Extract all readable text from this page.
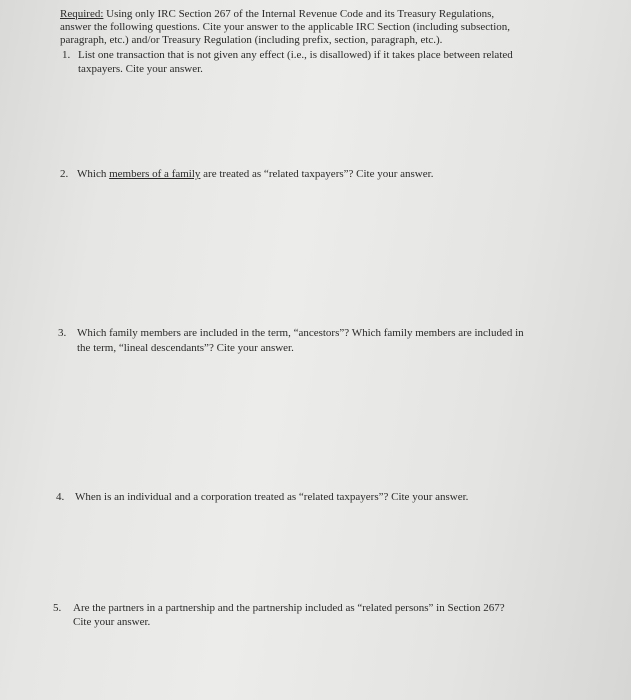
Required: Using only IRC Section 267 of the Internal Revenue Code and its Treasury Regulations,
answer the following questions. Cite your answer to the applicable IRC Section (including subsection,
paragraph, etc.) and/or Treasury Regulation (including prefix, section, paragraph, etc.).
1. List one transaction that is not given any effect (i.e., is disallowed) if it takes place between related
taxpayers. Cite your answer.
2. Which members of a family are treated as “related taxpayers”? Cite your answer.
3. Which family members are included in the term, “ancestors”? Which family members are included in
the term, “lineal descendants”? Cite your answer.
4. When is an individual and a corporation treated as “related taxpayers”? Cite your answer.
5. Are the partners in a partnership and the partnership included as “related persons” in Section 267?
Cite your answer.
